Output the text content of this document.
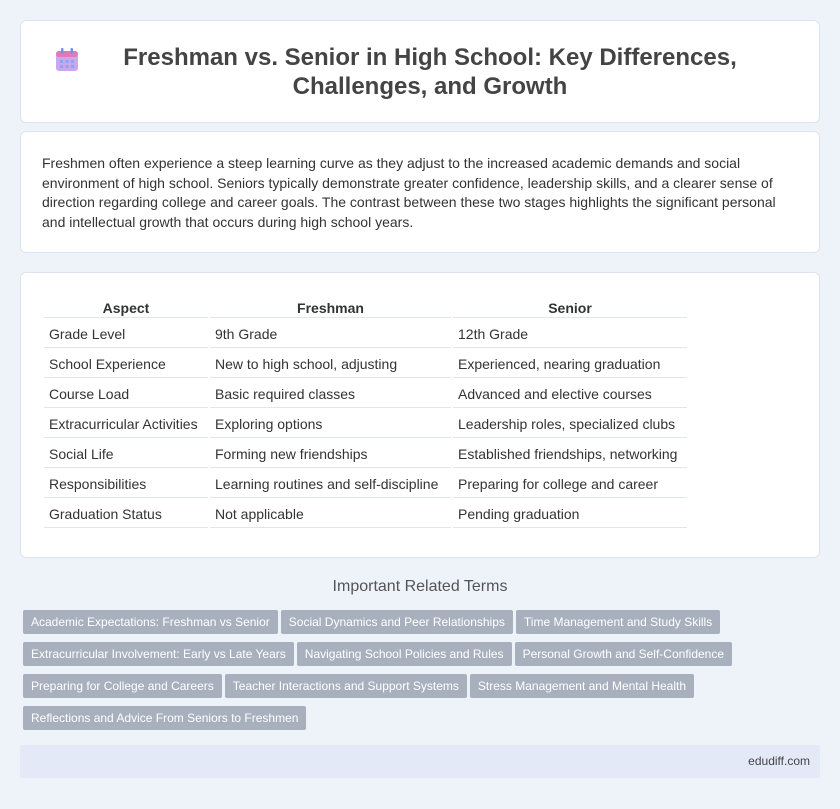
Freshman vs. Senior in High School: Key Differences, Challenges, and Growth

Freshmen often experience a steep learning curve as they adjust to the increased academic demands and social environment of high school. Seniors typically demonstrate greater confidence, leadership skills, and a clearer sense of direction regarding college and career goals. The contrast between these two stages highlights the significant personal and intellectual growth that occurs during high school years.

Aspect	Freshman	Senior
Grade Level	9th Grade	12th Grade
School Experience	New to high school, adjusting	Experienced, nearing graduation
Course Load	Basic required classes	Advanced and elective courses
Extracurricular Activities	Exploring options	Leadership roles, specialized clubs
Social Life	Forming new friendships	Established friendships, networking
Responsibilities	Learning routines and self-discipline	Preparing for college and career
Graduation Status	Not applicable	Pending graduation
Important Related Terms
Academic Expectations: Freshman vs Senior Social Dynamics and Peer Relationships Time Management and Study Skills Extracurricular Involvement: Early vs Late Years Navigating School Policies and Rules Personal Growth and Self-Confidence Preparing for College and Careers Teacher Interactions and Support Systems Stress Management and Mental Health Reflections and Advice From Seniors to Freshmen
edudiff.com
